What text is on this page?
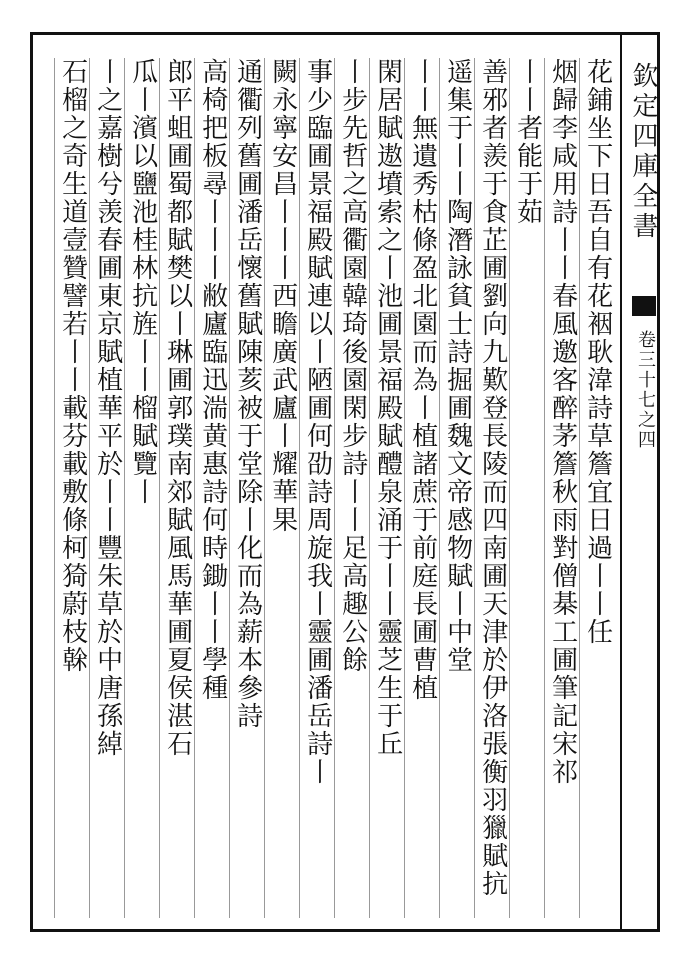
欽定四庫全書
卷三十七之四
花鋪坐下日吾自有花裀耿湋詩草簷宜日過丨丨任
烟歸李咸用詩丨丨春風邀客醉茅簷秋雨對僧棊工圃筆記宋祁
丨丨者能于茹
善邪者羨于食芷圃劉向九歎登長陵而四南圃天津於伊洛張衡羽獵賦抗
遥集于丨丨陶潛詠貧士詩掘圃魏文帝感物賦丨中堂
丨丨無遺秀枯條盈北園而為丨植諸蔗于前庭長圃曹植
閑居賦遨墳索之丨池圃景福殿賦醴泉涌于丨丨靈芝生于丘
丨步先哲之高衢園韓琦後園閑步詩丨丨足高趣公餘
事少臨圃景福殿賦連以丨陋圃何劭詩周旋我丨靈圃潘岳詩丨
闕永寧安昌丨丨丨西瞻廣武廬丨耀華果
通衢列舊圃潘岳懷舊賦陳荄被于堂除丨化而為薪本參詩
高椅把板尋丨丨丨敝廬臨迅湍黄惠詩何時鋤丨丨學種
郎平蛆圃蜀都賦樊以丨琳圃郭璞南郊賦風馬華圃夏侯湛石
瓜丨濱以鹽池桂林抗旌丨丨榴賦覽丨
丨之嘉樹兮羡春圃東京賦植華平於丨丨豐朱草於中唐孫綽
石榴之奇生道壹贊譬若丨丨載芬載敷條柯猗蔚枝榦
